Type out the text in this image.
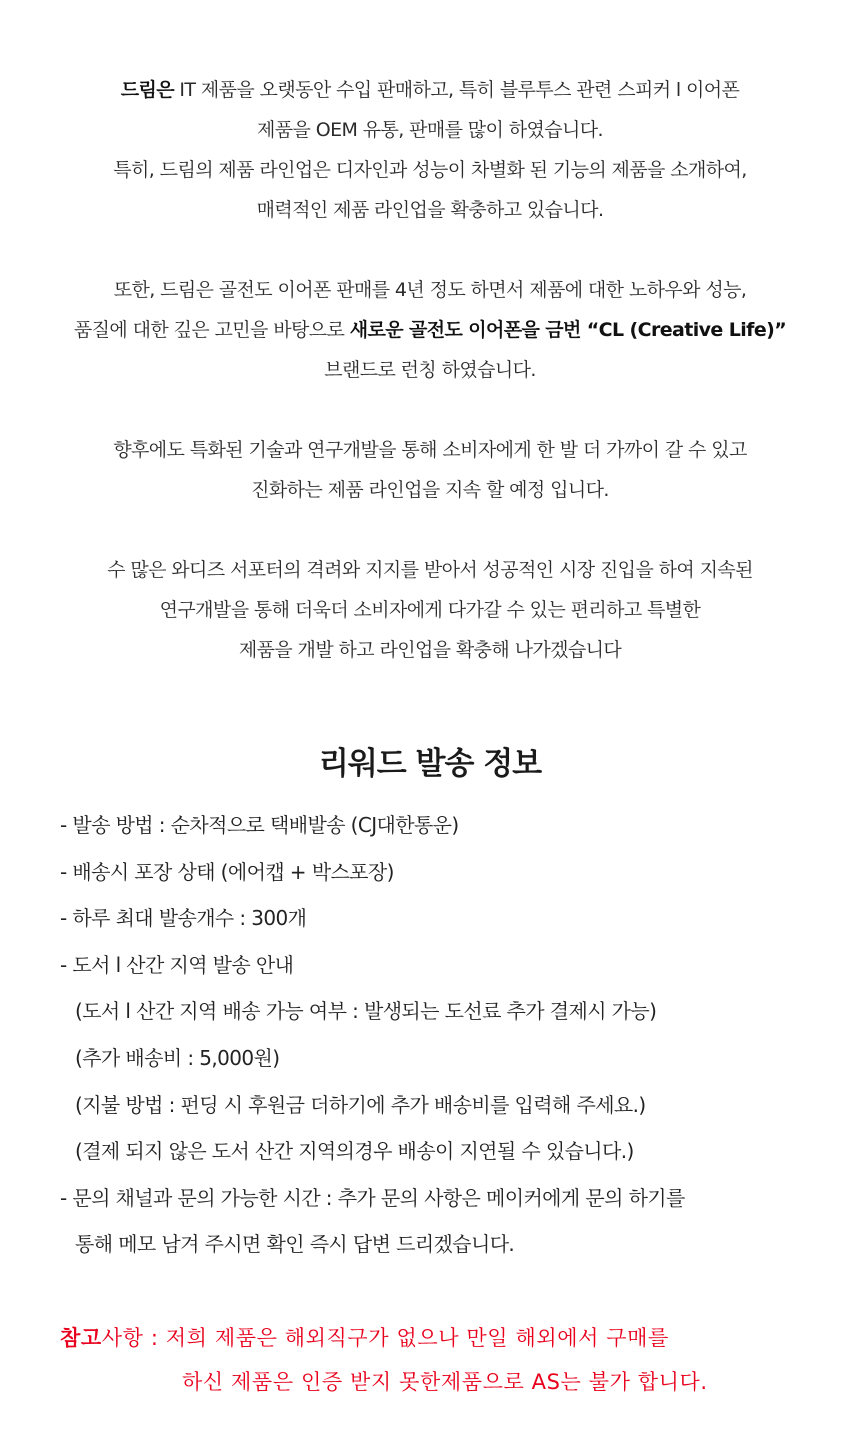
드림은 IT 제품을 오랫동안 수입 판매하고, 특히 블루투스 관련 스피커 l 이어폰

제품을 OEM 유통, 판매를 많이 하였습니다.

특히, 드림의 제품 라인업은 디자인과 성능이 차별화 된 기능의 제품을 소개하여,

매력적인 제품 라인업을 확충하고 있습니다.

또한, 드림은 골전도 이어폰 판매를 4년 정도 하면서 제품에 대한 노하우와 성능,

품질에 대한 깊은 고민을 바탕으로 새로운 골전도 이어폰을 금번 “CL (Creative Life)”

브랜드로 런칭 하였습니다.

향후에도 특화된 기술과 연구개발을 통해 소비자에게 한 발 더 가까이 갈 수 있고

진화하는 제품 라인업을 지속 할 예정 입니다.

수 많은 와디즈 서포터의 격려와 지지를 받아서 성공적인 시장 진입을 하여 지속된

연구개발을 통해 더욱더 소비자에게 다가갈 수 있는 편리하고 특별한

제품을 개발 하고 라인업을 확충해 나가겠습니다

리워드 발송 정보

- 발송 방법 : 순차적으로 택배발송 (CJ대한통운)

- 배송시 포장 상태 (에어캡 + 박스포장)

- 하루 최대 발송개수 : 300개

- 도서 l 산간 지역 발송 안내

(도서 l 산간 지역 배송 가능 여부 : 발생되는 도선료 추가 결제시 가능)

(추가 배송비 : 5,000원)

(지불 방법 : 펀딩 시 후원금 더하기에 추가 배송비를 입력해 주세요.)

(결제 되지 않은 도서 산간 지역의경우 배송이 지연될 수 있습니다.)

- 문의 채널과 문의 가능한 시간 : 추가 문의 사항은 메이커에게 문의 하기를

통해 메모 남겨 주시면 확인 즉시 답변 드리겠습니다.

참고사항 : 저희 제품은 해외직구가 없으나 만일 해외에서 구매를

하신 제품은 인증 받지 못한제품으로 AS는 불가 합니다.
